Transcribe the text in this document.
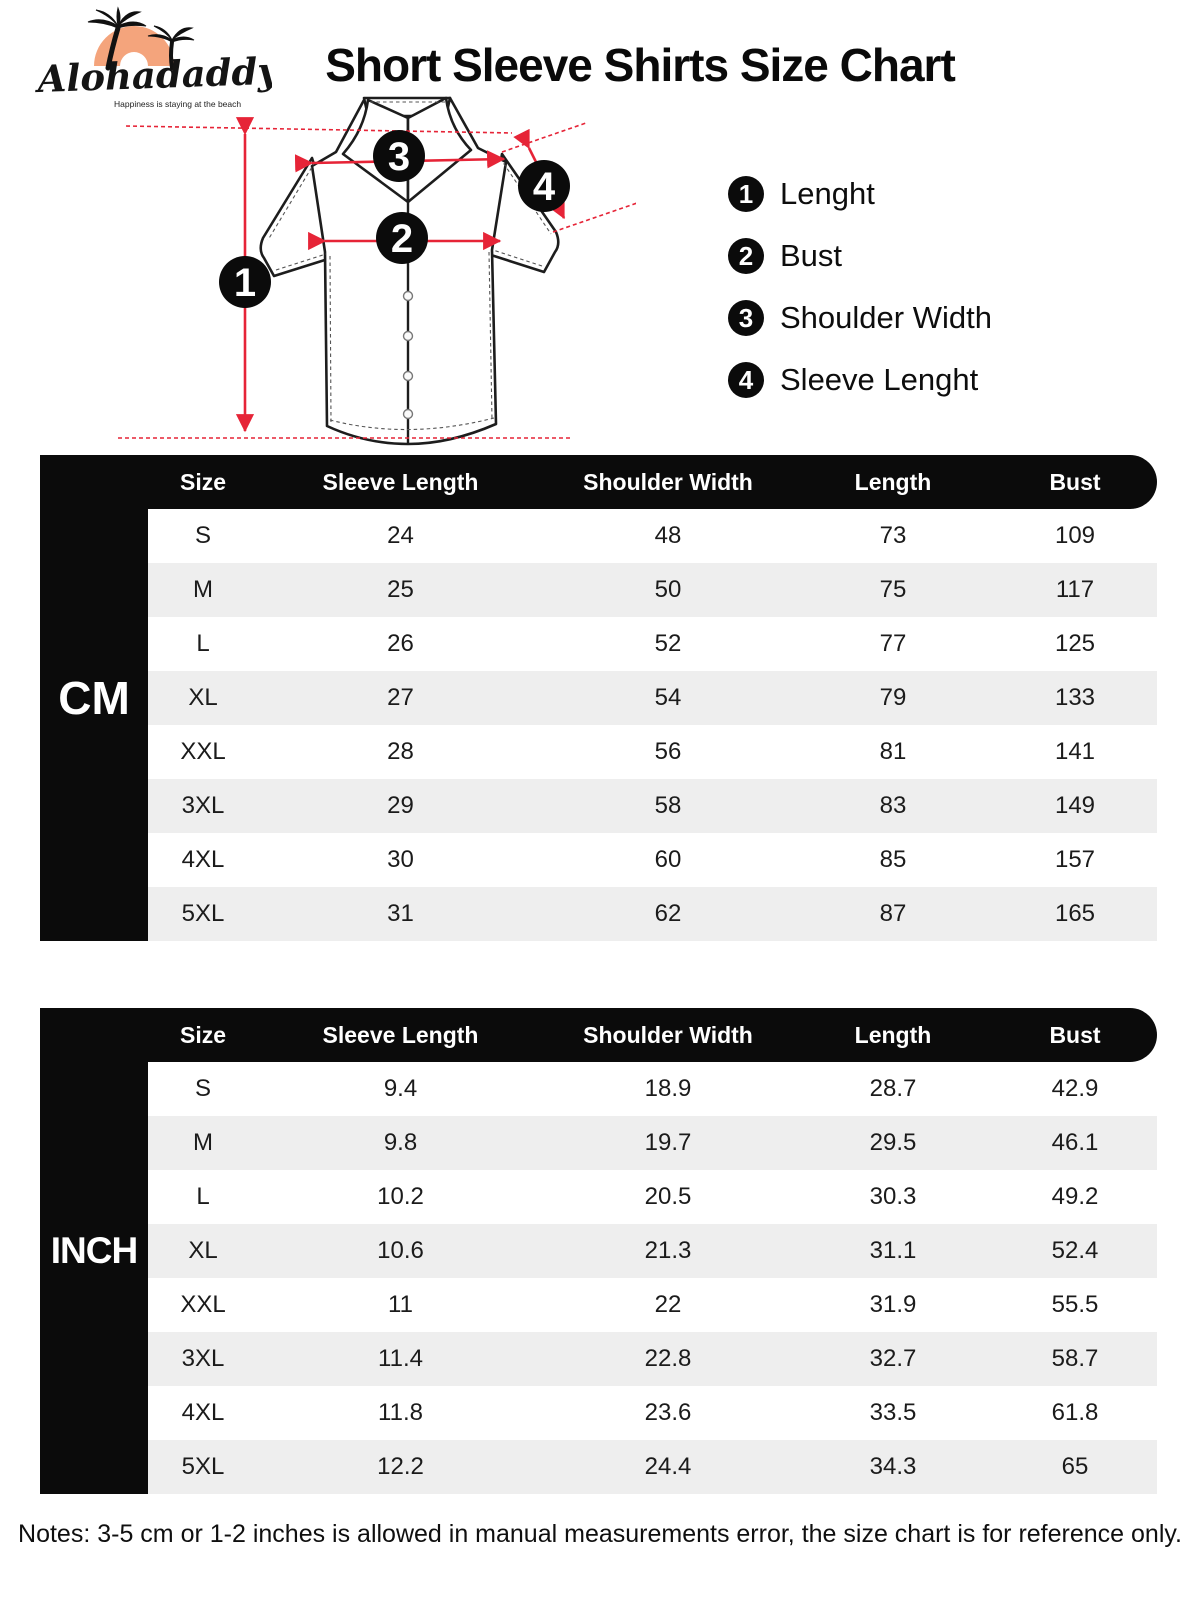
Alohadaddy
Happiness is staying at the beach
Short Sleeve Shirts Size Chart
1
2
3
4	1 Lenght
2 Bust
3 Shoulder Width
4 Sleeve Lenght
Size	Sleeve Length	Shoulder Width	Length	Bust
S	24	48	73	109
M	25	50	75	117
L	26	52	77	125
XL	27	54	79	133
XXL	28	56	81	141
3XL	29	58	83	149
4XL	30	60	85	157
5XL	31	62	87	165
CM
Size	Sleeve Length	Shoulder Width	Length	Bust
S	9.4	18.9	28.7	42.9
M	9.8	19.7	29.5	46.1
L	10.2	20.5	30.3	49.2
XL	10.6	21.3	31.1	52.4
XXL	11	22	31.9	55.5
3XL	11.4	22.8	32.7	58.7
4XL	11.8	23.6	33.5	61.8
5XL	12.2	24.4	34.3	65
INCH
Notes: 3-5 cm or 1-2 inches is allowed in manual measurements error, the size chart is for reference only.
